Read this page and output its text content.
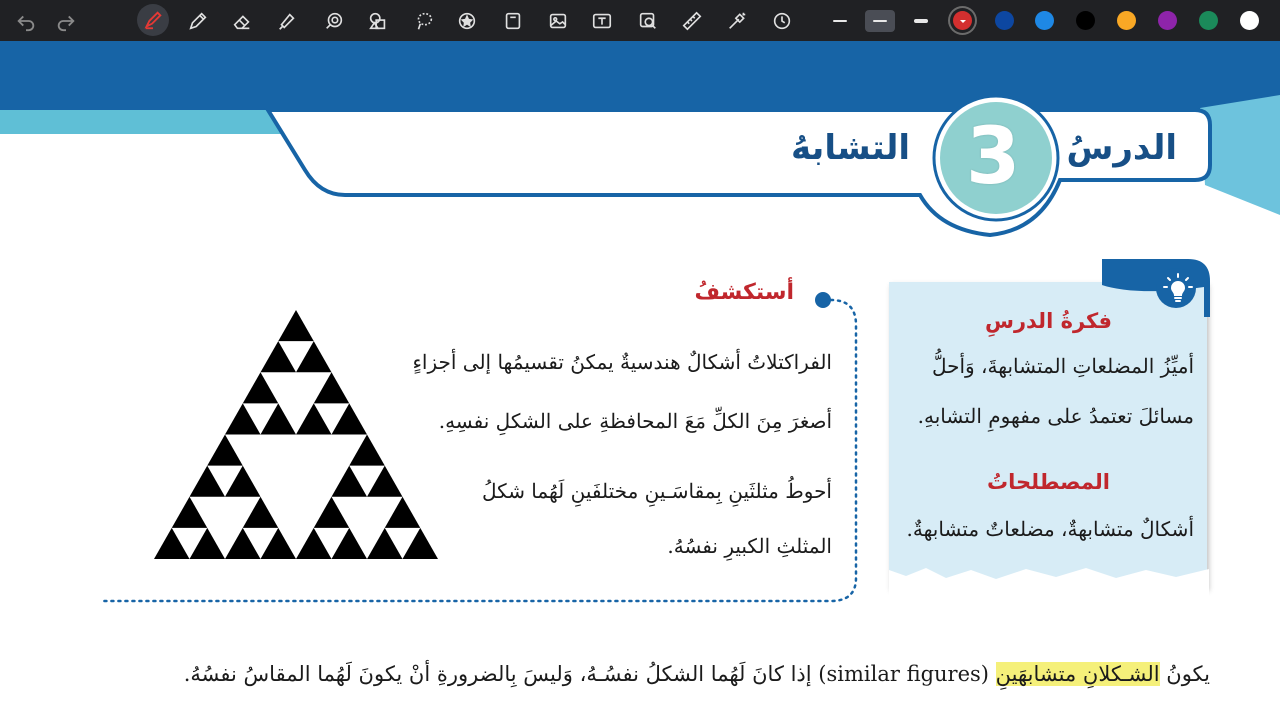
الدرسُ
3
التشابهُ
أستكشفُ
الفراكتلاتُ أشكالٌ هندسيةٌ يمكنُ تقسيمُها إلى أجزاءٍ
أصغرَ مِنَ الكلِّ مَعَ المحافظةِ على الشكلِ نفسِهِ.
أحوطُ مثلثَينِ بِمقاسَـينِ مختلفَينِ لَهُما شكلُ
المثلثِ الكبيرِ نفسُهُ.
فكرةُ الدرسِ
أميِّزُ المضلعاتِ المتشابهةَ، وَأحلُّ
مسائلَ تعتمدُ على مفهومِ التشابهِ.
المصطلحاتُ
أشكالٌ متشابهةٌ، مضلعاتٌ متشابهةٌ.
يكونُ الشـكلانِ متشابهَينِ (similar figures) إذا كانَ لَهُما الشكلُ نفسُـهُ، وَليسَ بِالضرورةِ أنْ يكونَ لَهُما المقاسُ نفسُهُ.
